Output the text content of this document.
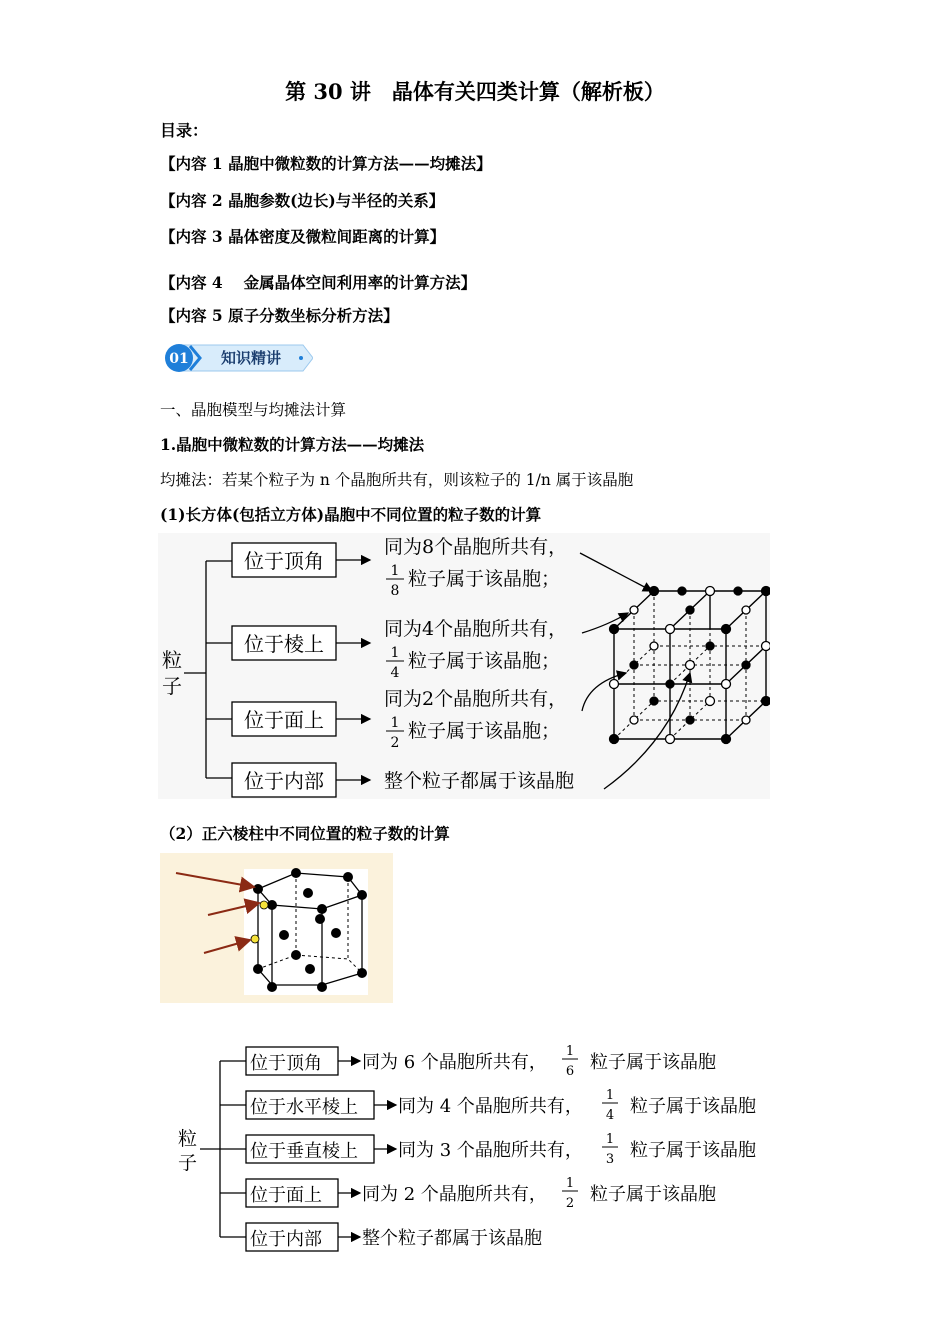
第 30 讲　晶体有关四类计算（解析板）
目录：
【内容 1 晶胞中微粒数的计算方法——均摊法】
【内容 2 晶胞参数(边长)与半径的关系】
【内容 3 晶体密度及微粒间距离的计算】
【内容 4　 金属晶体空间利用率的计算方法】
【内容 5 原子分数坐标分析方法】
01 知识精讲
一、晶胞模型与均摊法计算
1.晶胞中微粒数的计算方法——均摊法
均摊法：若某个粒子为 n 个晶胞所共有，则该粒子的 1/n 属于该晶胞
(1)长方体(包括立方体)晶胞中不同位置的粒子数的计算
粒
子
位于顶角
同为8个晶胞所共有，
1
8
粒子属于该晶胞；
位于棱上
同为4个晶胞所共有，
1
4
粒子属于该晶胞；
位于面上
同为2个晶胞所共有，
1
2
粒子属于该晶胞；
位于内部	整个粒子都属于该晶胞
（2）正六棱柱中不同位置的粒子数的计算
粒
子
位于顶角 同为 6 个晶胞所共有，
1
6 粒子属于该晶胞
位于水平棱上 同为 4 个晶胞所共有，
1
4 粒子属于该晶胞
位于垂直棱上 同为 3 个晶胞所共有，
1
3 粒子属于该晶胞
位于面上 同为 2 个晶胞所共有，
1
2 粒子属于该晶胞
位于内部 整个粒子都属于该晶胞
